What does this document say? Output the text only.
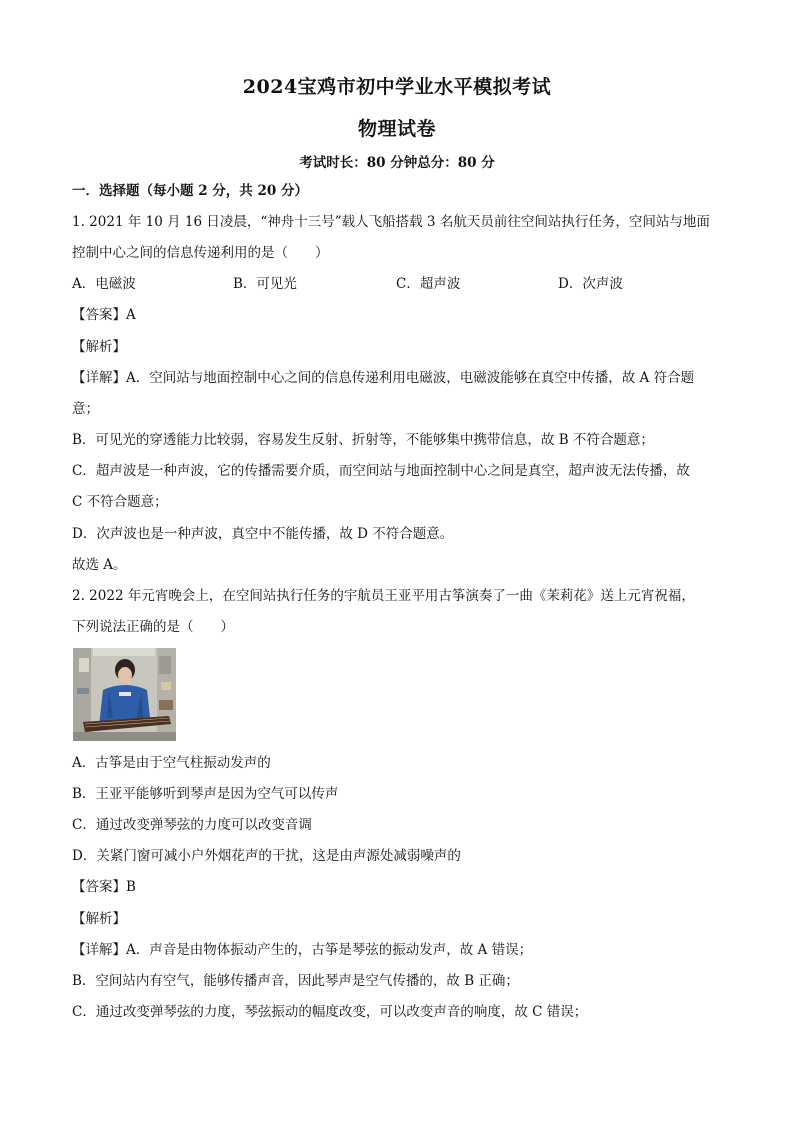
2024宝鸡市初中学业水平模拟考试
物理试卷
考试时长：80 分钟总分：80 分
一．选择题（每小题 2 分，共 20 分）
1. 2021 年 10 月 16 日凌晨，“神舟十三号”载人飞船搭载 3 名航天员前往空间站执行任务，空间站与地面
控制中心之间的信息传递利用的是（　　）
A．电磁波	B．可见光	C．超声波	D．次声波
【答案】A
【解析】
【详解】A．空间站与地面控制中心之间的信息传递利用电磁波，电磁波能够在真空中传播，故 A 符合题
意；
B．可见光的穿透能力比较弱，容易发生反射、折射等，不能够集中携带信息，故 B 不符合题意；
C．超声波是一种声波，它的传播需要介质，而空间站与地面控制中心之间是真空，超声波无法传播，故
C 不符合题意；
D．次声波也是一种声波，真空中不能传播，故 D 不符合题意。
故选 A。
2. 2022 年元宵晚会上，在空间站执行任务的宇航员王亚平用古筝演奏了一曲《茉莉花》送上元宵祝福，
下列说法正确的是（　　）
A．古筝是由于空气柱振动发声的
B．王亚平能够听到琴声是因为空气可以传声
C．通过改变弹琴弦的力度可以改变音调
D．关紧门窗可减小户外烟花声的干扰，这是由声源处减弱噪声的
【答案】B
【解析】
【详解】A．声音是由物体振动产生的，古筝是琴弦的振动发声，故 A 错误；
B．空间站内有空气，能够传播声音，因此琴声是空气传播的，故 B 正确；
C．通过改变弹琴弦的力度，琴弦振动的幅度改变，可以改变声音的响度，故 C 错误；
